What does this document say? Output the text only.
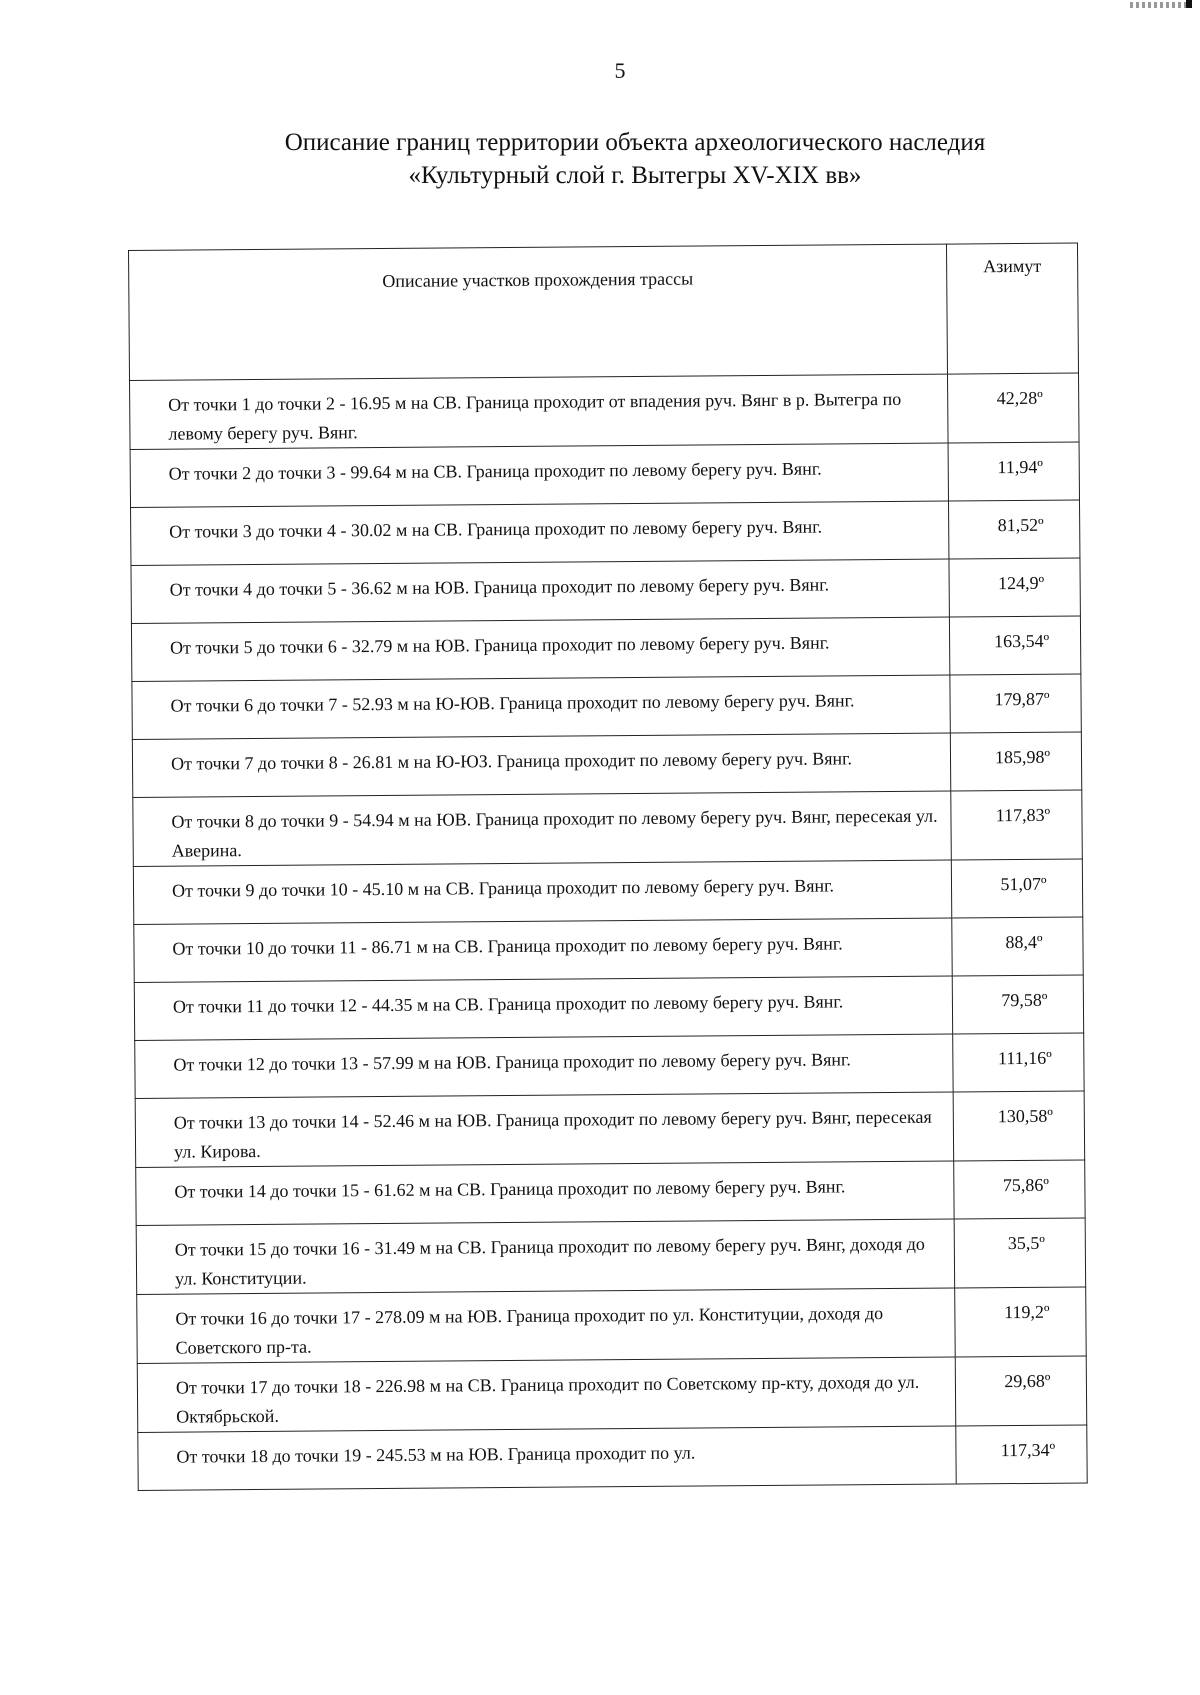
5
Описание границ территории объекта археологического наследия
«Культурный слой г. Вытегры XV-XIX вв»
Описание участков прохождения трассы	Азимут
От точки 1 до точки 2 - 16.95 м на СВ. Граница проходит от впадения руч. Вянг в р. Вытегра по левому берегу руч. Вянг.	42,28º
От точки 2 до точки 3 - 99.64 м на СВ. Граница проходит по левому берегу руч. Вянг.	11,94º
От точки 3 до точки 4 - 30.02 м на СВ. Граница проходит по левому берегу руч. Вянг.	81,52º
От точки 4 до точки 5 - 36.62 м на ЮВ. Граница проходит по левому берегу руч. Вянг.	124,9º
От точки 5 до точки 6 - 32.79 м на ЮВ. Граница проходит по левому берегу руч. Вянг.	163,54º
От точки 6 до точки 7 - 52.93 м на Ю-ЮВ. Граница проходит по левому берегу руч. Вянг.	179,87º
От точки 7 до точки 8 - 26.81 м на Ю-ЮЗ. Граница проходит по левому берегу руч. Вянг.	185,98º
От точки 8 до точки 9 - 54.94 м на ЮВ. Граница проходит по левому берегу руч. Вянг, пересекая ул. Аверина.	117,83º
От точки 9 до точки 10 - 45.10 м на СВ. Граница проходит по левому берегу руч. Вянг.	51,07º
От точки 10 до точки 11 - 86.71 м на СВ. Граница проходит по левому берегу руч. Вянг.	88,4º
От точки 11 до точки 12 - 44.35 м на СВ. Граница проходит по левому берегу руч. Вянг.	79,58º
От точки 12 до точки 13 - 57.99 м на ЮВ. Граница проходит по левому берегу руч. Вянг.	111,16º
От точки 13 до точки 14 - 52.46 м на ЮВ. Граница проходит по левому берегу руч. Вянг, пересекая ул. Кирова.	130,58º
От точки 14 до точки 15 - 61.62 м на СВ. Граница проходит по левому берегу руч. Вянг.	75,86º
От точки 15 до точки 16 - 31.49 м на СВ. Граница проходит по левому берегу руч. Вянг, доходя до ул. Конституции.	35,5º
От точки 16 до точки 17 - 278.09 м на ЮВ. Граница проходит по ул. Конституции, доходя до Советского пр-та.	119,2º
От точки 17 до точки 18 - 226.98 м на СВ. Граница проходит по Советскому пр-кту, доходя до ул. Октябрьской.	29,68º
От точки 18 до точки 19 - 245.53 м на ЮВ. Граница проходит по ул.	117,34º
